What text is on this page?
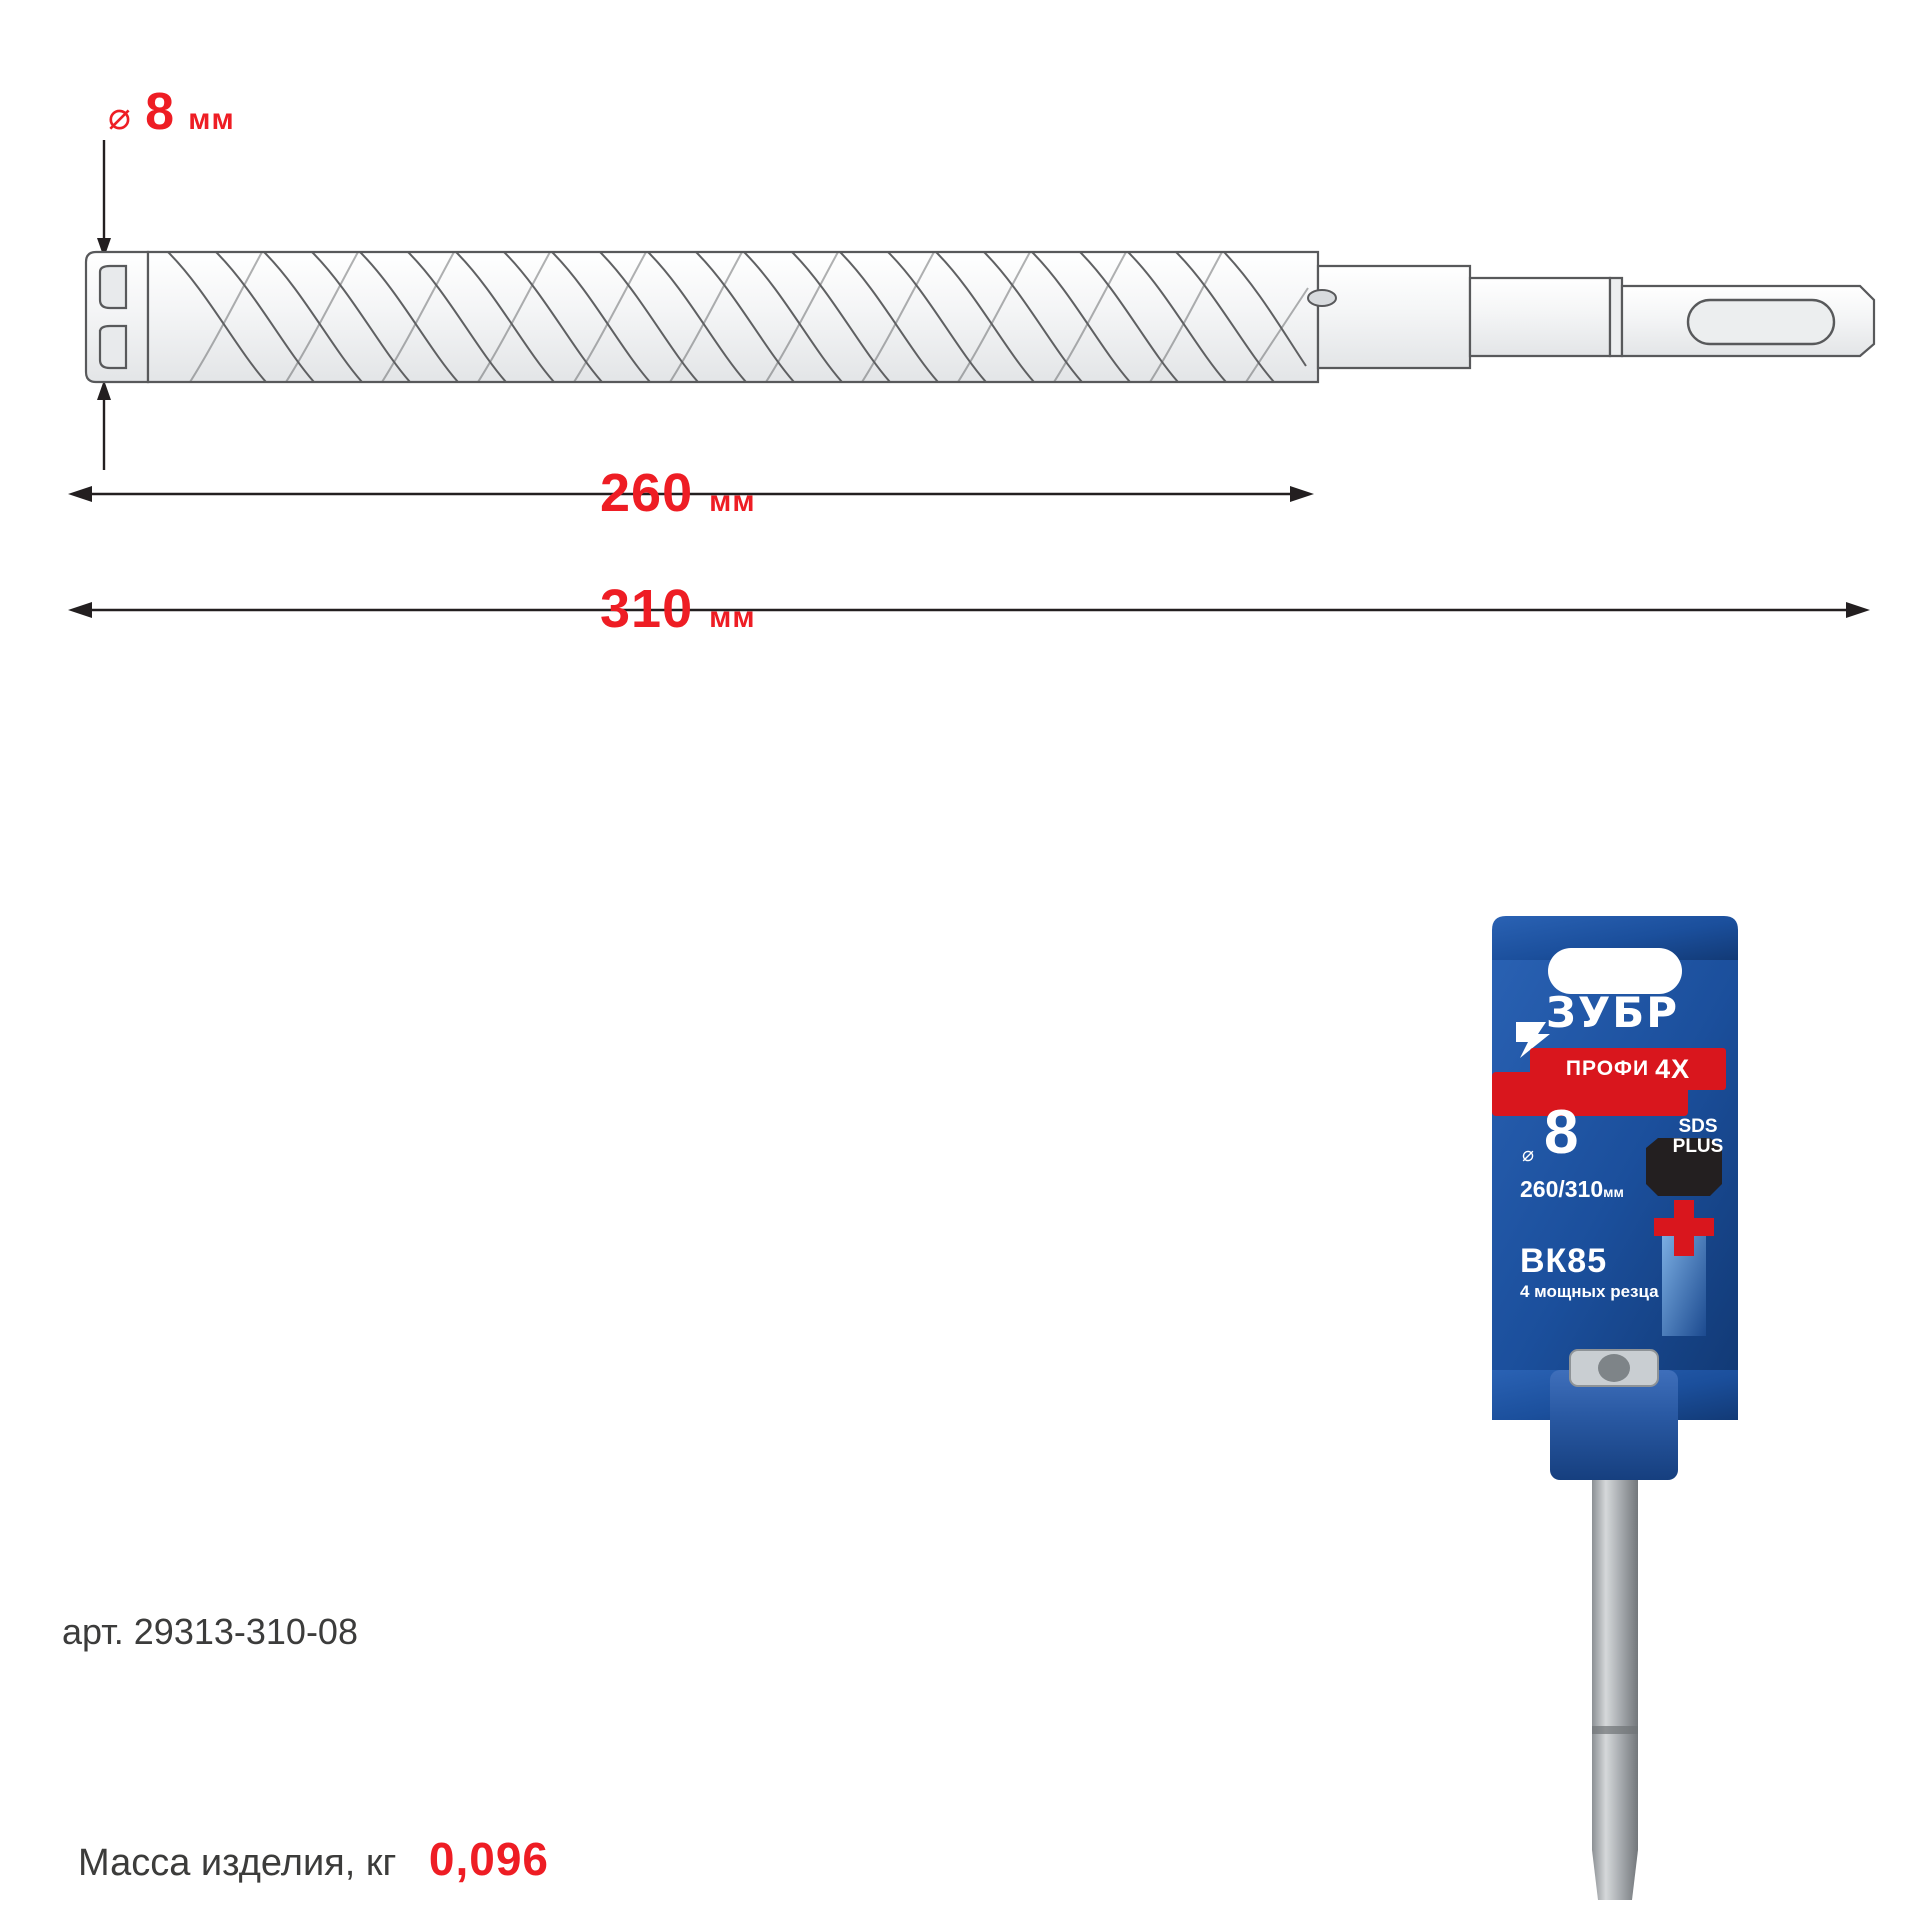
⌀ 8 мм
260 мм
310 мм
ЗУБР
ПРОФИ 4X
⌀ 8
260/310мм
ВК85
4 мощных резца
SDS
PLUS
арт. 29313-310-08
Масса изделия, кг 0,096
